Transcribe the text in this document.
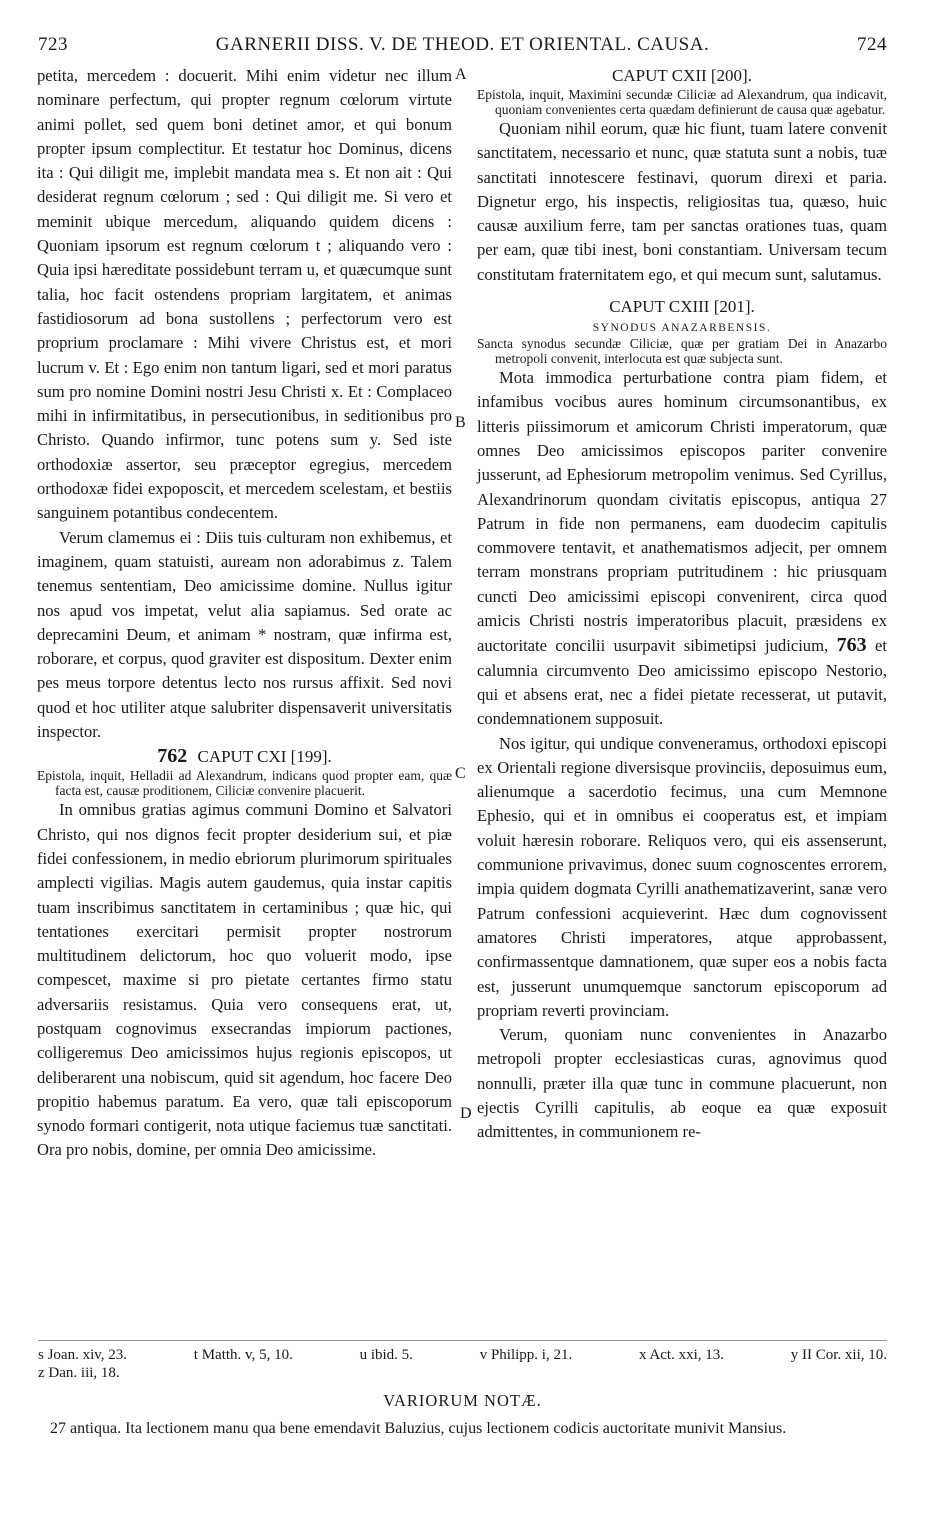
723	GARNERII DISS. V. DE THEOD. ET ORIENTAL. CAUSA.	724
A
B
C
D

petita, mercedem : docuerit. Mihi enim videtur nec illum nominare perfectum, qui propter regnum cœlorum virtute animi pollet, sed quem boni detinet amor, et qui bonum propter ipsum complectitur. Et testatur hoc Dominus, dicens ita : Qui diligit me, implebit mandata mea s. Et non ait : Qui desiderat regnum cœlorum ; sed : Qui diligit me. Si vero et meminit ubique mercedum, aliquando quidem dicens : Quoniam ipsorum est regnum cœlorum t ; aliquando vero : Quia ipsi hæreditate possidebunt terram u, et quæcumque sunt talia, hoc facit ostendens propriam largitatem, et animas fastidiosorum ad bona sustollens ; perfectorum vero est proprium proclamare : Mihi vivere Christus est, et mori lucrum v. Et : Ego enim non tantum ligari, sed et mori paratus sum pro nomine Domini nostri Jesu Christi x. Et : Complaceo mihi in infirmitatibus, in persecutionibus, in seditionibus pro Christo. Quando infirmor, tunc potens sum y. Sed iste orthodoxiæ assertor, seu præceptor egregius, mercedem orthodoxæ fidei expoposcit, et mercedem scelestam, et bestiis sanguinem potantibus condecentem.

Verum clamemus ei : Diis tuis culturam non exhibemus, et imaginem, quam statuisti, auream non adorabimus z. Talem tenemus sententiam, Deo amicissime domine. Nullus igitur nos apud vos impetat, velut alia sapiamus. Sed orate ac deprecamini Deum, et animam * nostram, quæ infirma est, roborare, et corpus, quod graviter est dispositum. Dexter enim pes meus torpore detentus lecto nos rursus affixit. Sed novi quod et hoc utiliter atque salubriter dispensaverit universitatis inspector.

762 CAPUT CXI [199].

Epistola, inquit, Helladii ad Alexandrum, indicans quod propter eam, quæ facta est, causæ proditionem, Ciliciæ convenire placuerit.

In omnibus gratias agimus communi Domino et Salvatori Christo, qui nos dignos fecit propter desiderium sui, et piæ fidei confessionem, in medio ebriorum plurimorum spirituales amplecti vigilias. Magis autem gaudemus, quia instar capitis tuam inscribimus sanctitatem in certaminibus ; quæ hic, qui tentationes exercitari permisit propter nostrorum multitudinem delictorum, hoc quo voluerit modo, ipse compescet, maxime si pro pietate certantes firmo statu adversariis resistamus. Quia vero consequens erat, ut, postquam cognovimus exsecrandas impiorum pactiones, colligeremus Deo amicissimos hujus regionis episcopos, ut deliberarent una nobiscum, quid sit agendum, hoc facere Deo propitio habemus paratum. Ea vero, quæ tali episcoporum synodo formari contigerit, nota utique faciemus tuæ sanctitati. Ora pro nobis, domine, per omnia Deo amicissime.

CAPUT CXII [200].

Epistola, inquit, Maximini secundæ Ciliciæ ad Alexandrum, qua indicavit, quoniam convenientes certa quædam definierunt de causa quæ agebatur.

Quoniam nihil eorum, quæ hic fiunt, tuam latere convenit sanctitatem, necessario et nunc, quæ statuta sunt a nobis, tuæ sanctitati innotescere festinavi, quorum direxi et paria. Dignetur ergo, his inspectis, religiositas tua, quæso, huic causæ auxilium ferre, tam per sanctas orationes tuas, quam per eam, quæ tibi inest, boni constantiam. Universam tecum constitutam fraternitatem ego, et qui mecum sunt, salutamus.

CAPUT CXIII [201].

SYNODUS ANAZARBENSIS.

Sancta synodus secundæ Ciliciæ, quæ per gratiam Dei in Anazarbo metropoli convenit, interlocuta est quæ subjecta sunt.

Mota immodica perturbatione contra piam fidem, et infamibus vocibus aures hominum circumsonantibus, ex litteris piissimorum et amicorum Christi imperatorum, quæ omnes Deo amicissimos episcopos pariter convenire jusserunt, ad Ephesiorum metropolim venimus. Sed Cyrillus, Alexandrinorum quondam civitatis episcopus, antiqua 27 Patrum in fide non permanens, eam duodecim capitulis commovere tentavit, et anathematismos adjecit, per omnem terram monstrans propriam putritudinem : hic priusquam cuncti Deo amicissimi episcopi convenirent, circa quod amicis Christi nostris imperatoribus placuit, præsidens ex auctoritate concilii usurpavit sibimetipsi judicium, 763 et calumnia circumvento Deo amicissimo episcopo Nestorio, qui et absens erat, nec a fidei pietate recesserat, ut putavit, condemnationem supposuit.

Nos igitur, qui undique conveneramus, orthodoxi episcopi ex Orientali regione diversisque provinciis, deposuimus eum, alienumque a sacerdotio fecimus, una cum Memnone Ephesio, qui et in omnibus ei cooperatus est, et impiam voluit hæresin roborare. Reliquos vero, qui eis assenserunt, communione privavimus, donec suum cognoscentes errorem, impia quidem dogmata Cyrilli anathematizaverint, sanæ vero Patrum confessioni acquieverint. Hæc dum cognovissent amatores Christi imperatores, atque approbassent, confirmassentque damnationem, quæ super eos a nobis facta est, jusserunt unumquemque sanctorum episcoporum ad propriam reverti provinciam.

Verum, quoniam nunc convenientes in Anazarbo metropoli propter ecclesiasticas curas, agnovimus quod nonnulli, præter illa quæ tunc in commune placuerunt, non ejectis Cyrilli capitulis, ab eoque ea quæ exposuit admittentes, in communionem re-

s Joan. xiv, 23.	t Matth. v, 5, 10.	u ibid. 5.	v Philipp. i, 21.	x Act. xxi, 13.	y II Cor. xii, 10.
z Dan. iii, 18.
VARIORUM NOTÆ.
27 antiqua. Ita lectionem manu qua bene emendavit Baluzius, cujus lectionem codicis auctoritate munivit Mansius.
